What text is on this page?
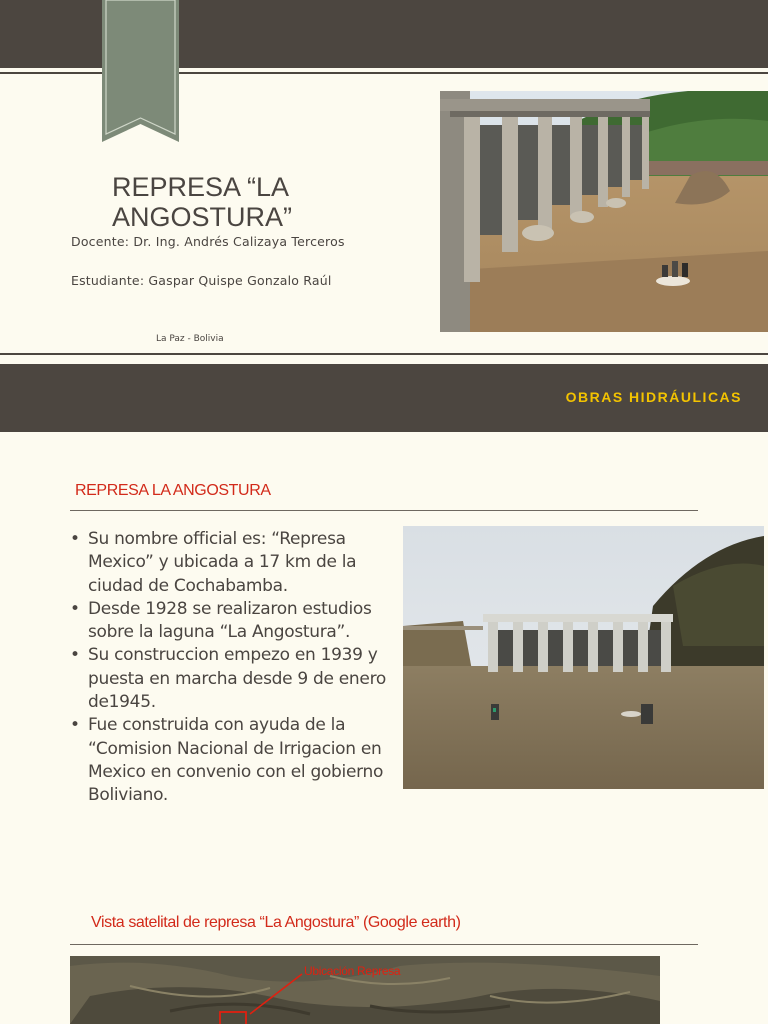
REPRESA “LA ANGOSTURA”
Docente: Dr. Ing. Andrés Calizaya Terceros
Estudiante: Gaspar Quispe Gonzalo Raúl
La Paz - Bolivia
OBRAS HIDRÁULICAS
REPRESA LA ANGOSTURA
• Su nombre official es: “Represa Mexico” y ubicada a 17 km de la ciudad de Cochabamba.
• Desde 1928 se realizaron estudios sobre la laguna “La Angostura”.
• Su construccion empezo en 1939 y puesta en marcha desde 9 de enero de1945.
• Fue construida con ayuda de la “Comision Nacional de Irrigacion en Mexico en convenio con el gobierno Boliviano.
Vista satelital de represa “La Angostura” (Google earth)
Ubicación Represa
